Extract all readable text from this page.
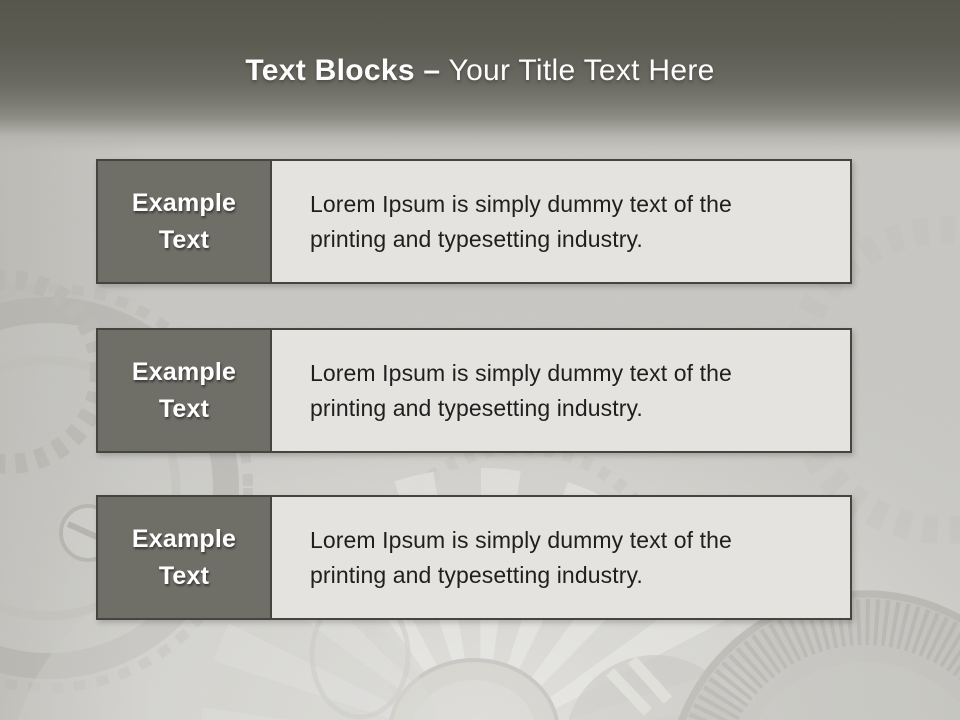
Text Blocks – Your Title Text Here
Example
Text
Lorem Ipsum is simply dummy text of the
printing and typesetting industry.
Example
Text
Lorem Ipsum is simply dummy text of the
printing and typesetting industry.
Example
Text
Lorem Ipsum is simply dummy text of the
printing and typesetting industry.
